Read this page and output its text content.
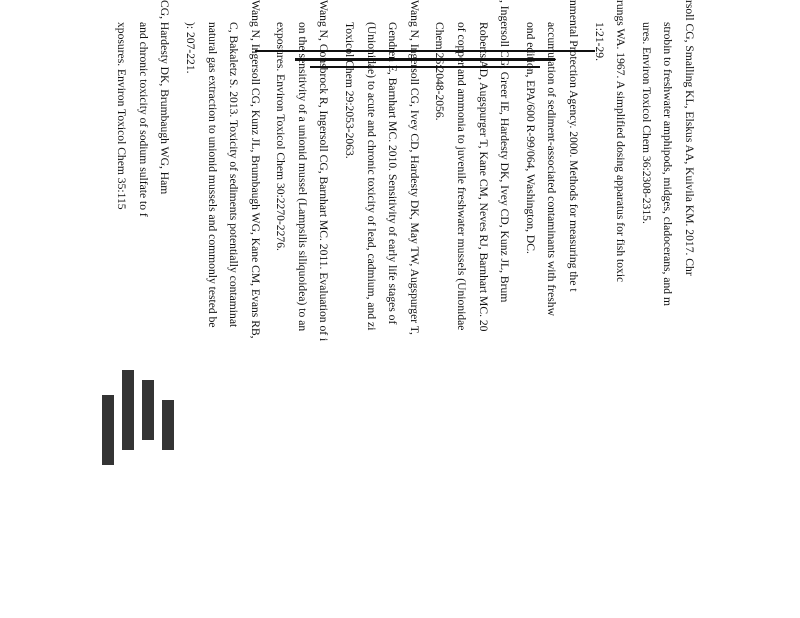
rsoll CG, Smalling KL, Elskus AA, Kuivila KM. 2017. Chr
strobin to freshwater amphipods, midges, cladocerans, and m
ures. Environ Toxicol Chem 36:2308-2315.
rungs WA. 1967. A simplified dosing apparatus for fish toxic
1:21-29.
nmental Protection Agency. 2000. Methods for measuring the t
accumulation of sediment-associated contaminants with freshw
ond edition, EPA/600 R-99/064, Washington, DC.
, Ingersoll CG, Greer IE, Hardesty DK, Ivey CD, Kunz JL, Brum
Roberts AD, Augspurger T, Kane CM, Neves RJ, Barnhart MC. 20
of copper and ammonia to juvenile freshwater mussels (Unionidae
Chem 26:2048-2056.
Wang N, Ingersoll CG, Ivey CD, Hardesty DK, May TW, Augspurger T,
Gendren E, Barnhart MC. 2010. Sensitivity of early life stages of
(Unionidae) to acute and chronic toxicity of lead, cadmium, and zi
Toxicol Chem 29:2053-2063.
Wang N, Consbrock R, Ingersoll CG, Barnhart MC. 2011. Evaluation of i
on the sensitivity of a unionid mussel (Lampsilis siliquoidea) to an
exposures. Environ Toxicol Chem 30:2270-2276.
Wang N, Ingersoll CG, Kunz JL, Brumbaugh WG, Kane CM, Evans RB,
C, Bakaletz S. 2013. Toxicity of sediments potentially contaminat
natural gas extraction to unionid mussels and commonly tested be
): 207-221.
CG, Hardesty DK, Brumbaugh WG, Ham
and chronic toxicity of sodium sulfate to f
xposures. Environ Toxicol Chem 35:115
